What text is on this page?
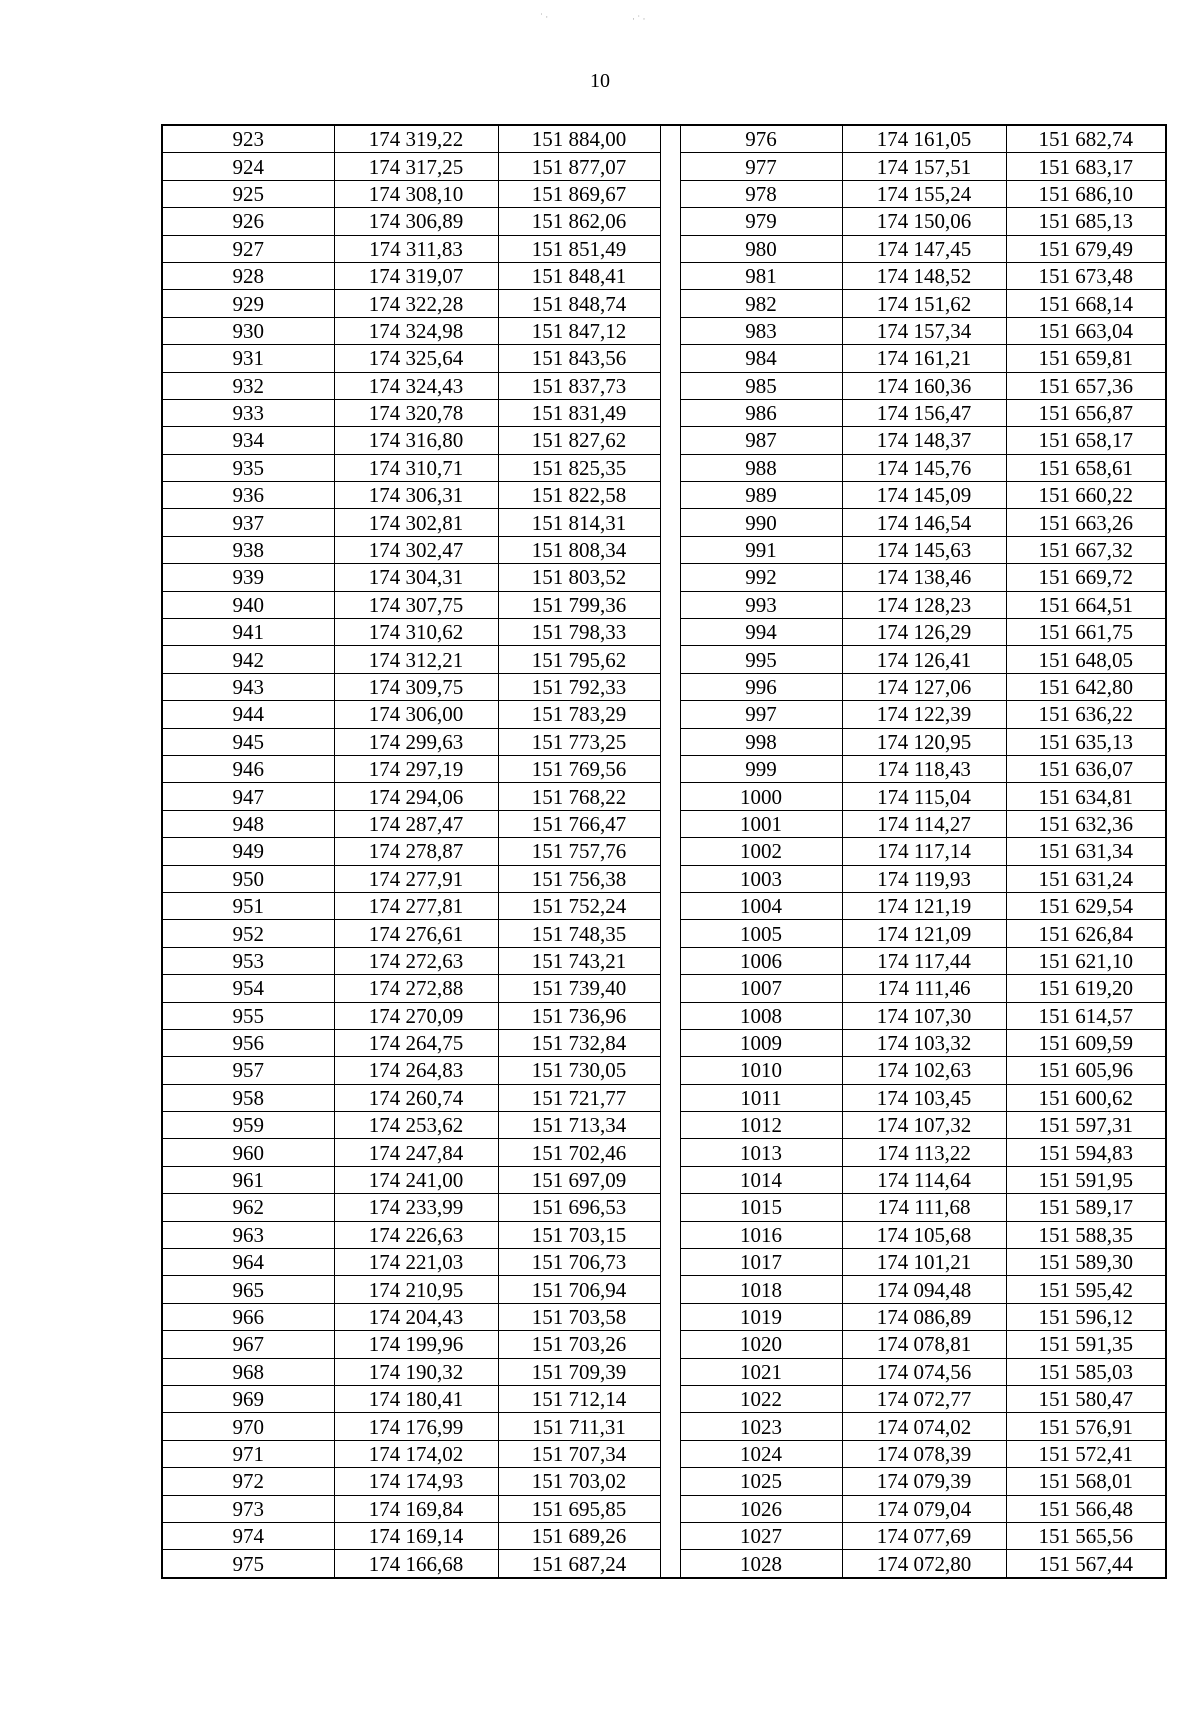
˙ ·	· ˙ ·
10
923	174 319,22	151 884,00		976	174 161,05	151 682,74
924	174 317,25	151 877,07		977	174 157,51	151 683,17
925	174 308,10	151 869,67		978	174 155,24	151 686,10
926	174 306,89	151 862,06		979	174 150,06	151 685,13
927	174 311,83	151 851,49		980	174 147,45	151 679,49
928	174 319,07	151 848,41		981	174 148,52	151 673,48
929	174 322,28	151 848,74		982	174 151,62	151 668,14
930	174 324,98	151 847,12		983	174 157,34	151 663,04
931	174 325,64	151 843,56		984	174 161,21	151 659,81
932	174 324,43	151 837,73		985	174 160,36	151 657,36
933	174 320,78	151 831,49		986	174 156,47	151 656,87
934	174 316,80	151 827,62		987	174 148,37	151 658,17
935	174 310,71	151 825,35		988	174 145,76	151 658,61
936	174 306,31	151 822,58		989	174 145,09	151 660,22
937	174 302,81	151 814,31		990	174 146,54	151 663,26
938	174 302,47	151 808,34		991	174 145,63	151 667,32
939	174 304,31	151 803,52		992	174 138,46	151 669,72
940	174 307,75	151 799,36		993	174 128,23	151 664,51
941	174 310,62	151 798,33		994	174 126,29	151 661,75
942	174 312,21	151 795,62		995	174 126,41	151 648,05
943	174 309,75	151 792,33		996	174 127,06	151 642,80
944	174 306,00	151 783,29		997	174 122,39	151 636,22
945	174 299,63	151 773,25		998	174 120,95	151 635,13
946	174 297,19	151 769,56		999	174 118,43	151 636,07
947	174 294,06	151 768,22		1000	174 115,04	151 634,81
948	174 287,47	151 766,47		1001	174 114,27	151 632,36
949	174 278,87	151 757,76		1002	174 117,14	151 631,34
950	174 277,91	151 756,38		1003	174 119,93	151 631,24
951	174 277,81	151 752,24		1004	174 121,19	151 629,54
952	174 276,61	151 748,35		1005	174 121,09	151 626,84
953	174 272,63	151 743,21		1006	174 117,44	151 621,10
954	174 272,88	151 739,40		1007	174 111,46	151 619,20
955	174 270,09	151 736,96		1008	174 107,30	151 614,57
956	174 264,75	151 732,84		1009	174 103,32	151 609,59
957	174 264,83	151 730,05		1010	174 102,63	151 605,96
958	174 260,74	151 721,77		1011	174 103,45	151 600,62
959	174 253,62	151 713,34		1012	174 107,32	151 597,31
960	174 247,84	151 702,46		1013	174 113,22	151 594,83
961	174 241,00	151 697,09		1014	174 114,64	151 591,95
962	174 233,99	151 696,53		1015	174 111,68	151 589,17
963	174 226,63	151 703,15		1016	174 105,68	151 588,35
964	174 221,03	151 706,73		1017	174 101,21	151 589,30
965	174 210,95	151 706,94		1018	174 094,48	151 595,42
966	174 204,43	151 703,58		1019	174 086,89	151 596,12
967	174 199,96	151 703,26		1020	174 078,81	151 591,35
968	174 190,32	151 709,39		1021	174 074,56	151 585,03
969	174 180,41	151 712,14		1022	174 072,77	151 580,47
970	174 176,99	151 711,31		1023	174 074,02	151 576,91
971	174 174,02	151 707,34		1024	174 078,39	151 572,41
972	174 174,93	151 703,02		1025	174 079,39	151 568,01
973	174 169,84	151 695,85		1026	174 079,04	151 566,48
974	174 169,14	151 689,26		1027	174 077,69	151 565,56
975	174 166,68	151 687,24		1028	174 072,80	151 567,44
